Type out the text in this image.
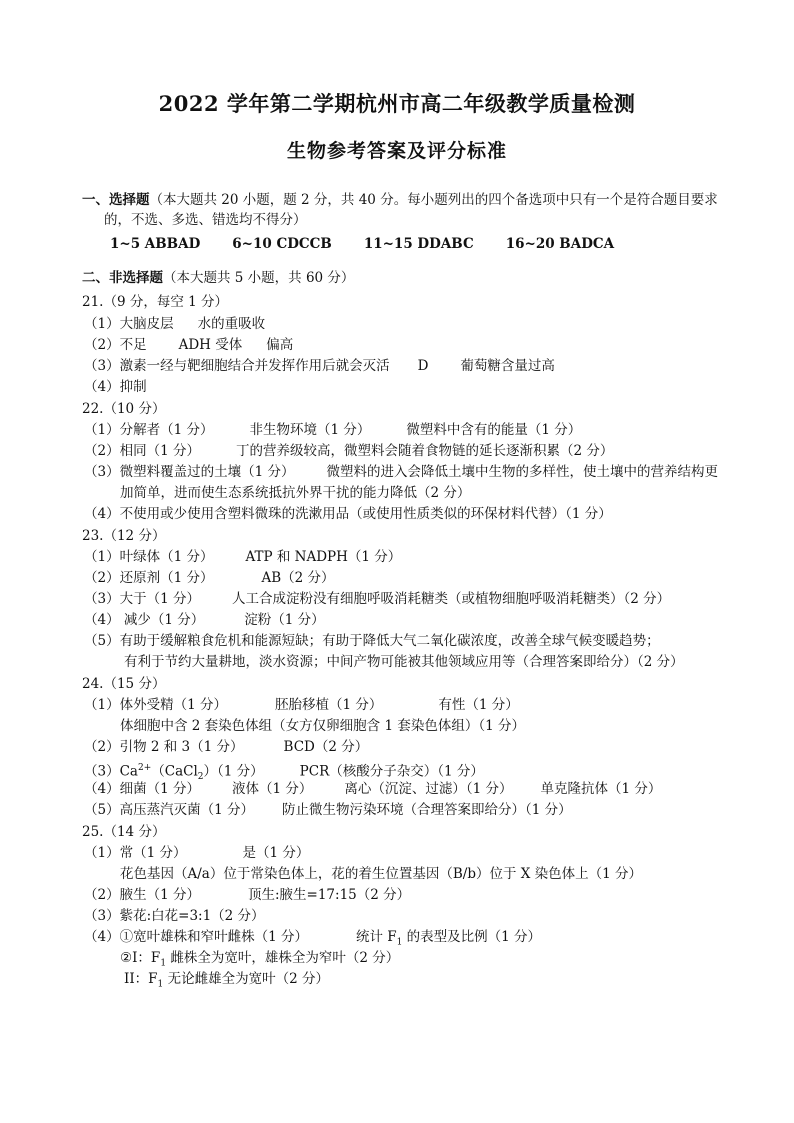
2022 学年第二学期杭州市高二年级教学质量检测
生物参考答案及评分标准
一、选择题（本大题共 20 小题，题 2 分，共 40 分。每小题列出的四个备选项中只有一个是符合题目要求
的，不选、多选、错选均不得分）
1~5 ABBAD 6~10 CDCCB 11~15 DDABC 16~20 BADCA
二、非选择题（本大题共 5 小题，共 60 分）
21.（9 分，每空 1 分）
（1）大脑皮层 水的重吸收
（2）不足 ADH 受体 偏高
（3）激素一经与靶细胞结合并发挥作用后就会灭活 D 葡萄糖含量过高
（4）抑制
22.（10 分）
（1）分解者（1 分）	非生物环境（1 分）	微塑料中含有的能量（1 分）
（2）相同（1 分）	丁的营养级较高，微塑料会随着食物链的延长逐渐积累（2 分）
（3）微塑料覆盖过的土壤（1 分） 微塑料的进入会降低土壤中生物的多样性，使土壤中的营养结构更
加简单，进而使生态系统抵抗外界干扰的能力降低（2 分）
（4）不使用或少使用含塑料微珠的洗漱用品（或使用性质类似的环保材料代替）（1 分）
23.（12 分）
（1）叶绿体（1 分） ATP 和 NADPH（1 分）
（2）还原剂（1 分）	AB（2 分）
（3）大于（1 分） 人工合成淀粉没有细胞呼吸消耗糖类（或植物细胞呼吸消耗糖类）（2 分）
（4） 减少（1 分）	淀粉（1 分）
（5）有助于缓解粮食危机和能源短缺；有助于降低大气二氧化碳浓度，改善全球气候变暖趋势；
有利于节约大量耕地，淡水资源；中间产物可能被其他领域应用等（合理答案即给分）（2 分）
24.（15 分）
（1）体外受精（1 分）	胚胎移植（1 分）	有性（1 分）
体细胞中含 2 套染色体组（女方仅卵细胞含 1 套染色体组）（1 分）
（2）引物 2 和 3（1 分）	BCD（2 分）
$(3)Ca^{2+}(CaCl_2)(1$ 分）	PCR（核酸分子杂交）（1 分）
（4）细菌（1 分） 液体（1 分） 离心（沉淀、过滤）（1 分） 单克隆抗体（1 分）
（5）高压蒸汽灭菌（1 分） 防止微生物污染环境（合理答案即给分）（1 分）
25.（14 分）
（1）常（1 分）	是（1 分）
花色基因（A/a）位于常染色体上，花的着生位置基因（B/b）位于 X 染色体上（1 分）
（2）腋生（1 分）	顶生:腋生=17:15（2 分）
（3）紫花:白花=3:1（2 分）
（4）①宽叶雄株和窄叶雌株（1 分）	统计 $F_1$ 的表型及比例（1 分）
②I：$F_1$ 雌株全为宽叶，雄株全为窄叶（2 分）
II：$F_1$ 无论雌雄全为宽叶（2 分）
